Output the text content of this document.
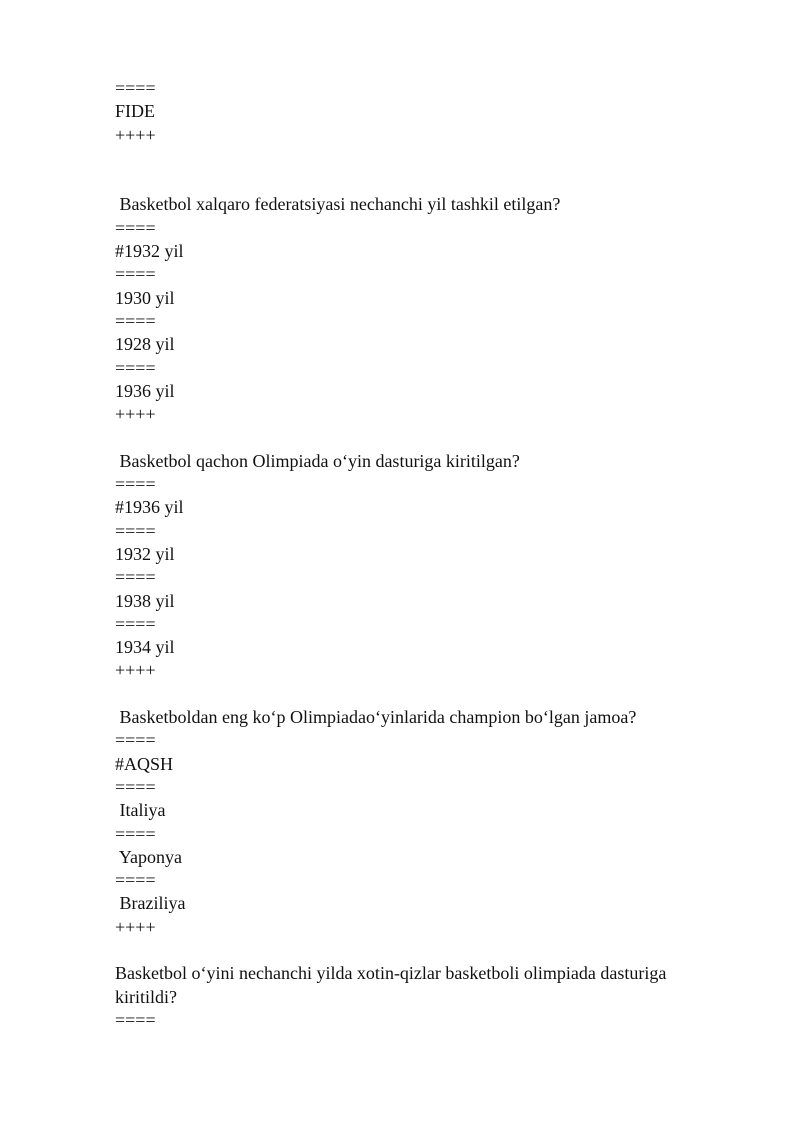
====
FIDE
++++
Basketbol xalqaro federatsiyasi nechanchi yil tashkil etilgan?
====
#1932 yil
====
1930 yil
====
1928 yil
====
1936 yil
++++
Basketbol qachon Olimpiada o‘yin dasturiga kiritilgan?
====
#1936 yil
====
1932 yil
====
1938 yil
====
1934 yil
++++
Basketboldan eng ko‘p Olimpiadao‘yinlarida champion bo‘lgan jamoa?
====
#AQSH
====
Italiya
====
Yaponya
====
Braziliya
++++
Basketbol o‘yini nechanchi yilda xotin-qizlar basketboli olimpiada dasturiga kiritildi?
====
